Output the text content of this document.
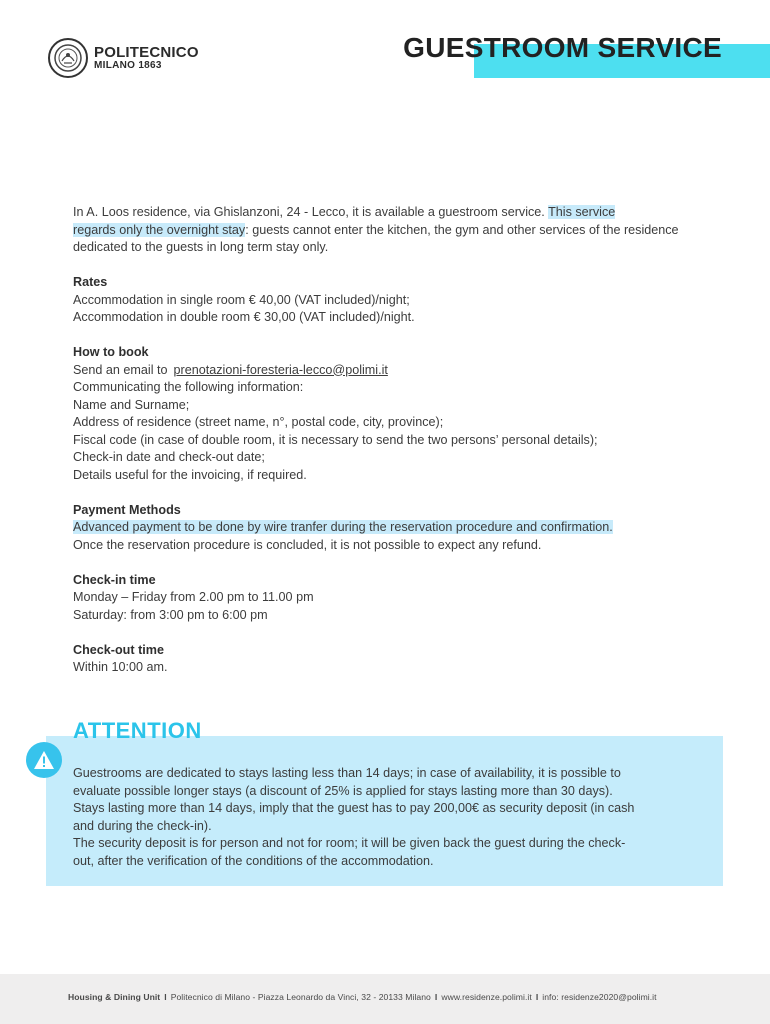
POLITECNICO
MILANO 1863
GUESTROOM SERVICE

In A. Loos residence, via Ghislanzoni, 24 - Lecco, it is available a guestroom service. This service
regards only the overnight stay: guests cannot enter the kitchen, the gym and other services of the residence dedicated to the guests in long term stay only.

Rates

Accommodation in single room € 40,00 (VAT included)/night;

Accommodation in double room € 30,00 (VAT included)/night.

How to book

Send an email to prenotazioni-foresteria-lecco@polimi.it

Communicating the following information:

Name and Surname;

Address of residence (street name, n°, postal code, city, province);

Fiscal code (in case of double room, it is necessary to send the two persons’ personal details);

Check-in date and check-out date;

Details useful for the invoicing, if required.

Payment Methods

Advanced payment to be done by wire tranfer during the reservation procedure and confirmation.

Once the reservation procedure is concluded, it is not possible to expect any refund.

Check-in time

Monday – Friday from 2.00 pm to 11.00 pm

Saturday: from 3:00 pm to 6:00 pm

Check-out time

Within 10:00 am.

ATTENTION

Guestrooms are dedicated to stays lasting less than 14 days; in case of availability, it is possible to

evaluate possible longer stays (a discount of 25% is applied for stays lasting more than 30 days).

Stays lasting more than 14 days, imply that the guest has to pay 200,00€ as security deposit (in cash

and during the check-in).

The security deposit is for person and not for room; it will be given back the guest during the check-

out, after the verification of the conditions of the accommodation.

Housing & Dining Unit I Politecnico di Milano - Piazza Leonardo da Vinci, 32 - 20133 Milano I www.residenze.polimi.it I info: residenze2020@polimi.it
